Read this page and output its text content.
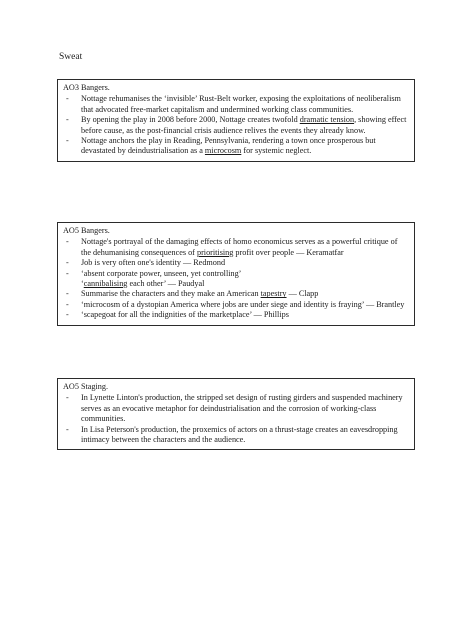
Sweat
AO3 Bangers.
- Nottage rehumanises the ‘invisible’ Rust-Belt worker, exposing the exploitations of neoliberalism that advocated free-market capitalism and undermined working class communities.
- By opening the play in 2008 before 2000, Nottage creates twofold dramatic tension, showing effect before cause, as the post-financial crisis audience relives the events they already know.
- Nottage anchors the play in Reading, Pennsylvania, rendering a town once prosperous but devastated by deindustrialisation as a microcosm for systemic neglect.
AO5 Bangers.
- Nottage's portrayal of the damaging effects of homo economicus serves as a powerful critique of the dehumanising consequences of prioritising profit over people — Keramatfar
- Job is very often one's identity — Redmond
- ‘absent corporate power, unseen, yet controlling’
‘cannibalising each other’ — Paudyal
- Summarise the characters and they make an American tapestry — Clapp
- ‘microcosm of a dystopian America where jobs are under siege and identity is fraying’ — Brantley
- ‘scapegoat for all the indignities of the marketplace’ — Phillips
AO5 Staging.
- In Lynette Linton's production, the stripped set design of rusting girders and suspended machinery serves as an evocative metaphor for deindustrialisation and the corrosion of working-class communities.
- In Lisa Peterson's production, the proxemics of actors on a thrust-stage creates an eavesdropping intimacy between the characters and the audience.
